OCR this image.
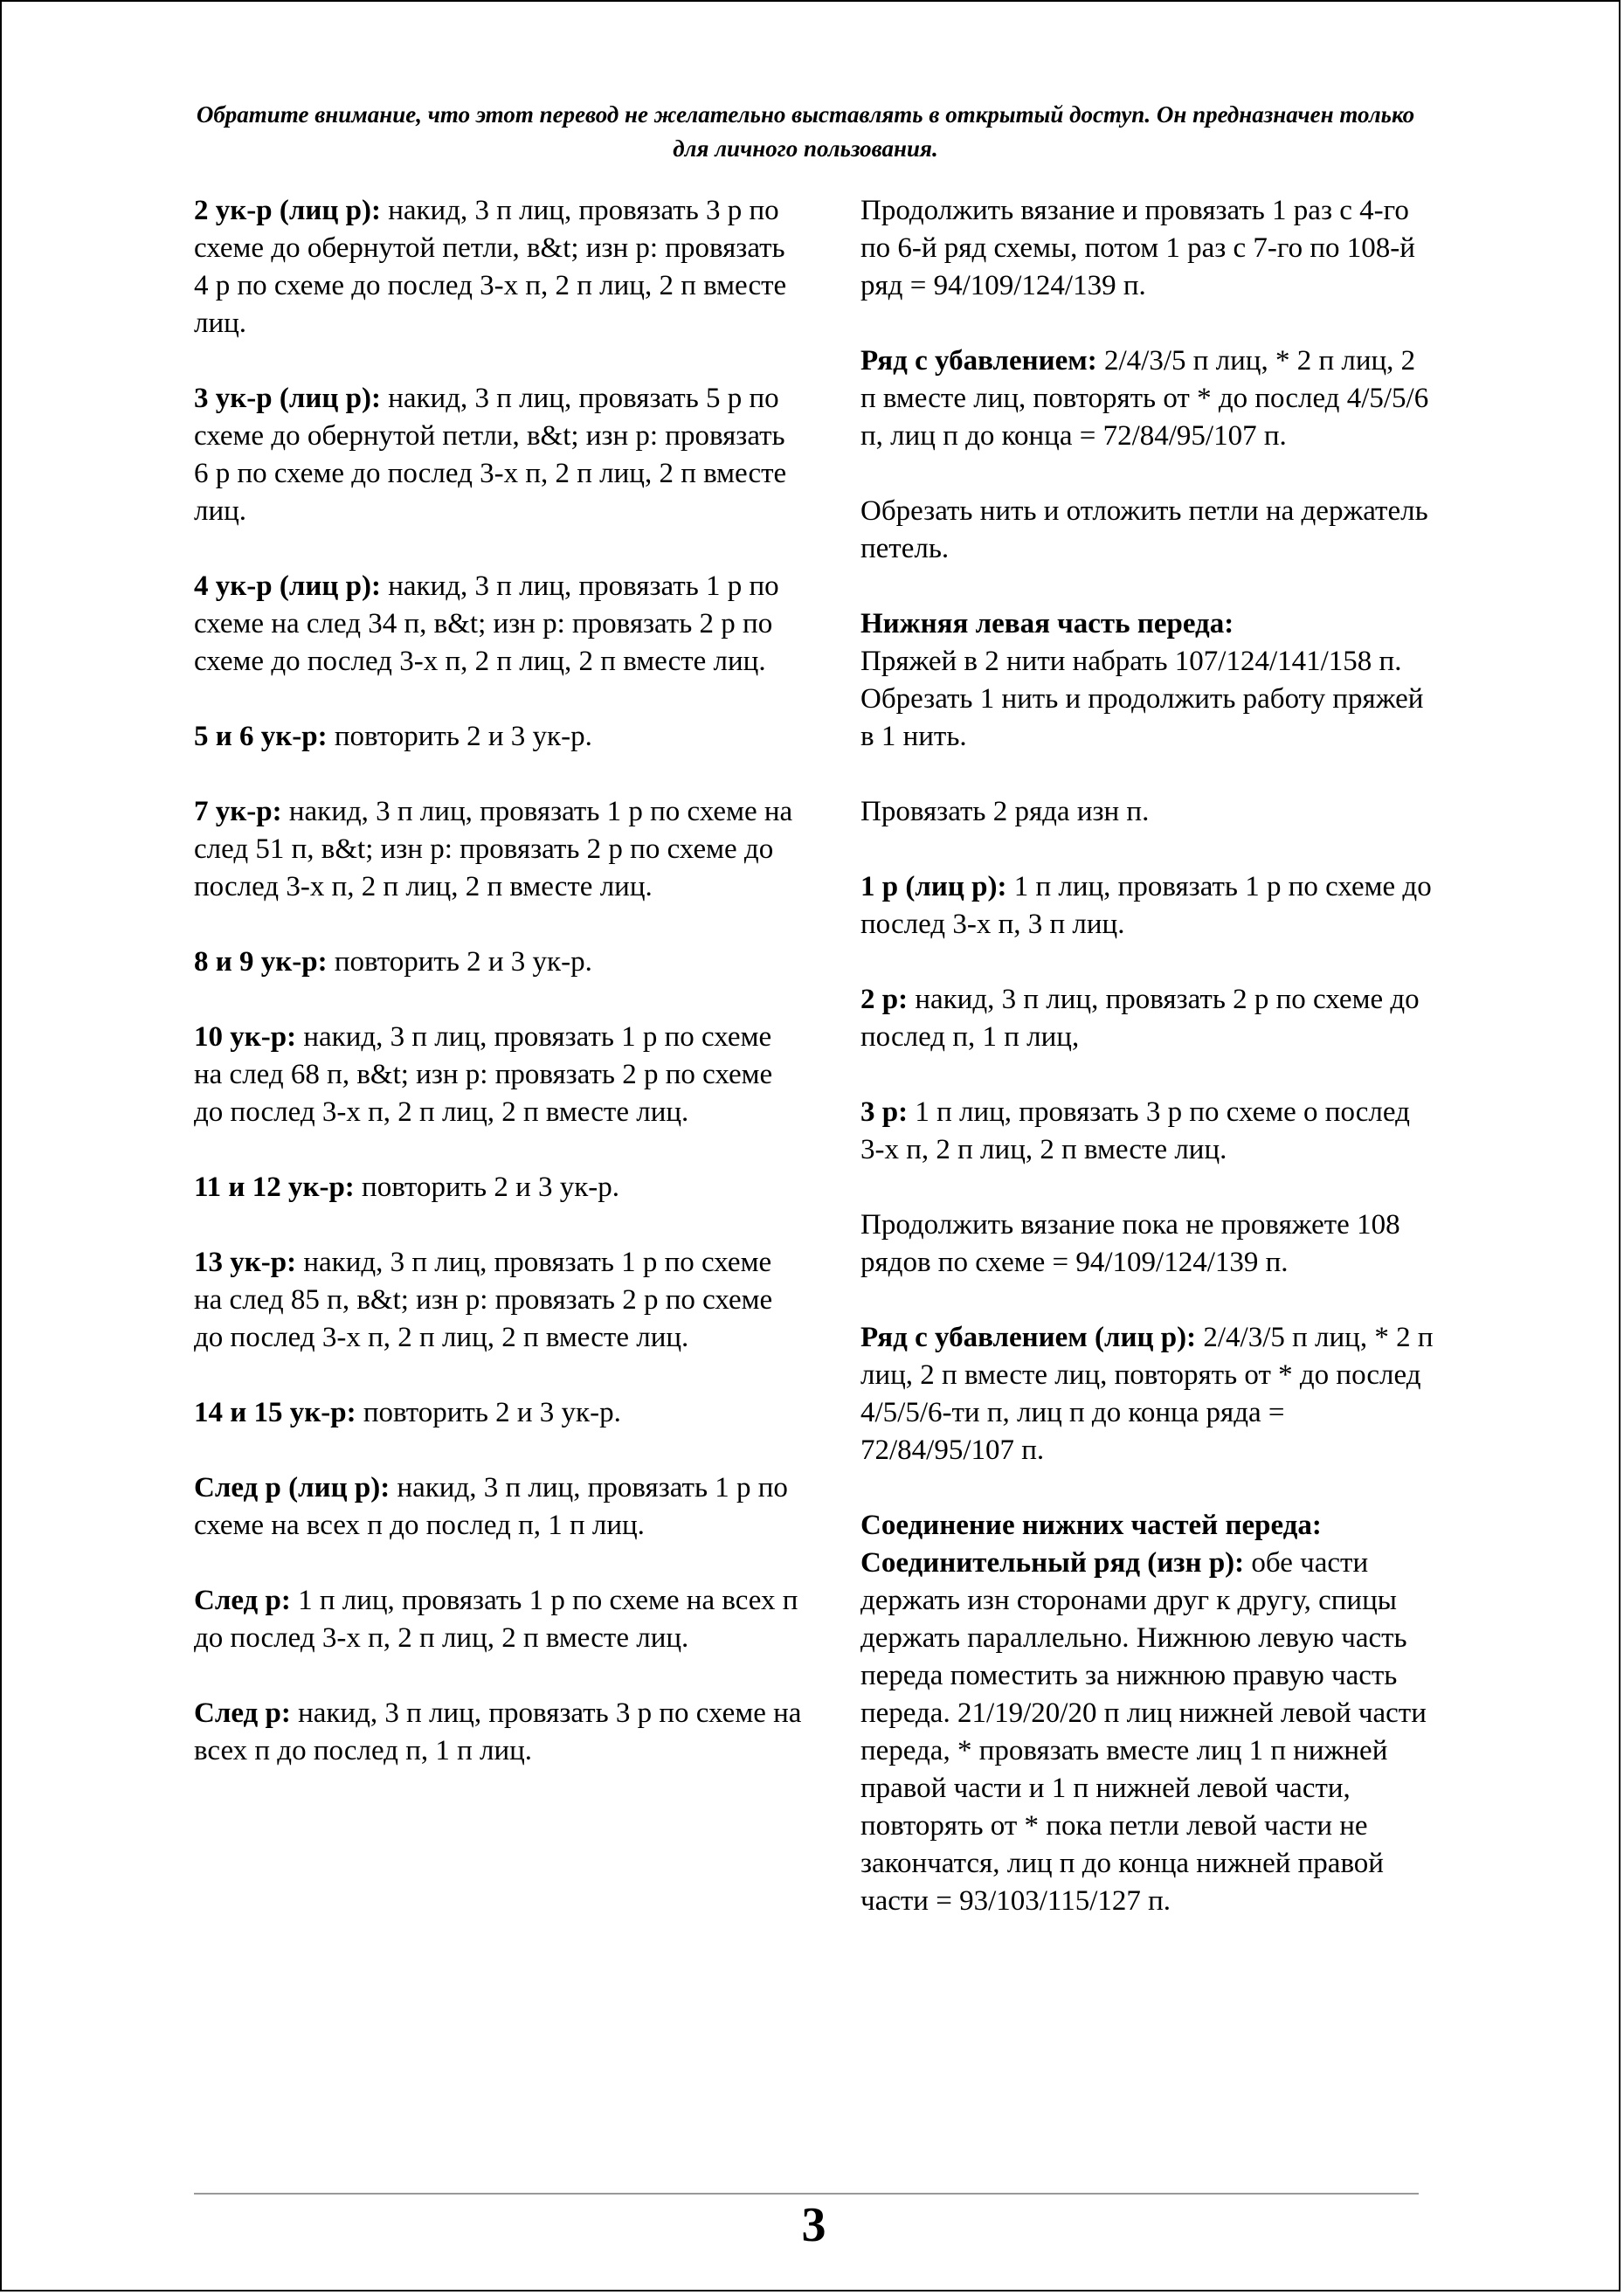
Обратите внимание, что этот перевод не желательно выставлять в открытый доступ. Он предназначен только для личного пользования.

2 ук-р (лиц р): накид, 3 п лиц, провязать 3 р по схеме до обернутой петли, в&t; изн р: провязать 4 р по схеме до послед 3-х п, 2 п лиц, 2 п вместе лиц.

3 ук-р (лиц р): накид, 3 п лиц, провязать 5 р по схеме до обернутой петли, в&t; изн р: провязать 6 р по схеме до послед 3-х п, 2 п лиц, 2 п вместе лиц.

4 ук-р (лиц р): накид, 3 п лиц, провязать 1 р по схеме на след 34 п, в&t; изн р: провязать 2 р по схеме до послед 3-х п, 2 п лиц, 2 п вместе лиц.

5 и 6 ук-р: повторить 2 и 3 ук-р.

7 ук-р: накид, 3 п лиц, провязать 1 р по схеме на след 51 п, в&t; изн р: провязать 2 р по схеме до послед 3-х п, 2 п лиц, 2 п вместе лиц.

8 и 9 ук-р: повторить 2 и 3 ук-р.

10 ук-р: накид, 3 п лиц, провязать 1 р по схеме на след 68 п, в&t; изн р: провязать 2 р по схеме до послед 3-х п, 2 п лиц, 2 п вместе лиц.

11 и 12 ук-р: повторить 2 и 3 ук-р.

13 ук-р: накид, 3 п лиц, провязать 1 р по схеме на след 85 п, в&t; изн р: провязать 2 р по схеме до послед 3-х п, 2 п лиц, 2 п вместе лиц.

14 и 15 ук-р: повторить 2 и 3 ук-р.

След р (лиц р): накид, 3 п лиц, провязать 1 р по схеме на всех п до послед п, 1 п лиц.

След р: 1 п лиц, провязать 1 р по схеме на всех п до послед 3-х п, 2 п лиц, 2 п вместе лиц.

След р: накид, 3 п лиц, провязать 3 р по схеме на всех п до послед п, 1 п лиц.

Продолжить вязание и провязать 1 раз с 4-го по 6-й ряд схемы, потом 1 раз с 7-го по 108-й ряд = 94/109/124/139 п.

Ряд с убавлением: 2/4/3/5 п лиц, * 2 п лиц, 2 п вместе лиц, повторять от * до послед 4/5/5/6 п, лиц п до конца = 72/84/95/107 п.

Обрезать нить и отложить петли на держатель петель.

Нижняя левая часть переда:
Пряжей в 2 нити набрать 107/124/141/158 п. Обрезать 1 нить и продолжить работу пряжей в 1 нить.

Провязать 2 ряда изн п.

1 р (лиц р): 1 п лиц, провязать 1 р по схеме до послед 3-х п, 3 п лиц.

2 р: накид, 3 п лиц, провязать 2 р по схеме до послед п, 1 п лиц,

3 р: 1 п лиц, провязать 3 р по схеме о послед 3-х п, 2 п лиц, 2 п вместе лиц.

Продолжить вязание пока не провяжете 108 рядов по схеме = 94/109/124/139 п.

Ряд с убавлением (лиц р): 2/4/3/5 п лиц, * 2 п лиц, 2 п вместе лиц, повторять от * до послед 4/5/5/6-ти п, лиц п до конца ряда = 72/84/95/107 п.

Соединение нижних частей переда:
Соединительный ряд (изн р): обе части держать изн сторонами друг к другу, спицы держать параллельно. Нижнюю левую часть переда поместить за нижнюю правую часть переда. 21/19/20/20 п лиц нижней левой части переда, * провязать вместе лиц 1 п нижней правой части и 1 п нижней левой части, повторять от * пока петли левой части не закончатся, лиц п до конца нижней правой части = 93/103/115/127 п.

3
